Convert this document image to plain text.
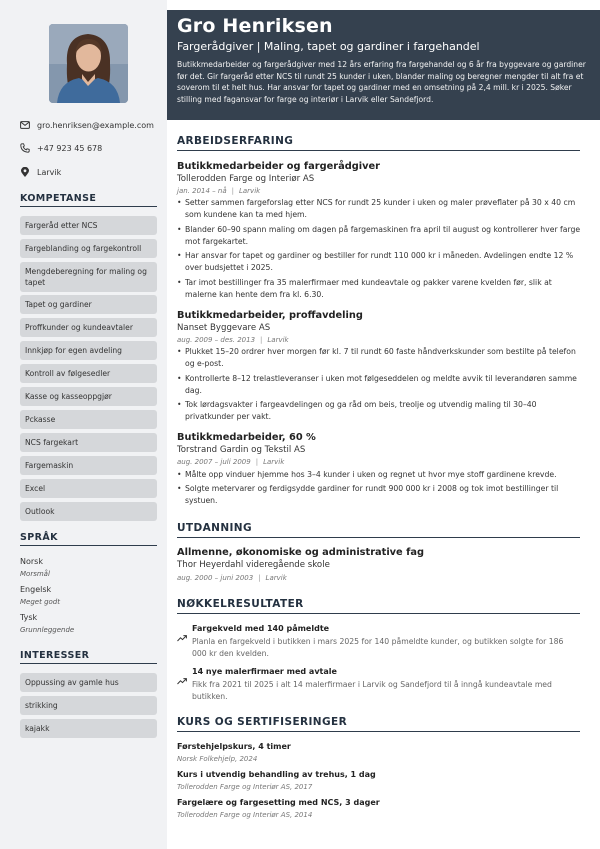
gro.henriksen@example.com
+47 923 45 678
Larvik
KOMPETANSE
Fargeråd etter NCS
Fargeblanding og fargekontroll
Mengdeberegning for maling og tapet
Tapet og gardiner
Proffkunder og kundeavtaler
Innkjøp for egen avdeling
Kontroll av følgesedler
Kasse og kasseoppgjør
Pckasse
NCS fargekart
Fargemaskin
Excel
Outlook
SPRÅK
Norsk
Morsmål
Engelsk
Meget godt
Tysk
Grunnleggende
INTERESSER
Oppussing av gamle hus
strikking
kajakk
Gro Henriksen
Fargerådgiver | Maling, tapet og gardiner i fargehandel
Butikkmedarbeider og fargerådgiver med 12 års erfaring fra fargehandel og 6 år fra byggevare og gardiner før det. Gir fargeråd etter NCS til rundt 25 kunder i uken, blander maling og beregner mengder til alt fra et soverom til et helt hus. Har ansvar for tapet og gardiner med en omsetning på 2,4 mill. kr i 2025. Søker stilling med fagansvar for farge og interiør i Larvik eller Sandefjord.
ARBEIDSERFARING
Butikkmedarbeider og fargerådgiver
Tollerodden Farge og Interiør AS
jan. 2014 – nå | Larvik
• Setter sammen fargeforslag etter NCS for rundt 25 kunder i uken og maler prøveflater på 30 x 40 cm som kundene kan ta med hjem.
• Blander 60–90 spann maling om dagen på fargemaskinen fra april til august og kontrollerer hver farge mot fargekartet.
• Har ansvar for tapet og gardiner og bestiller for rundt 110 000 kr i måneden. Avdelingen endte 12 % over budsjettet i 2025.
• Tar imot bestillinger fra 35 malerfirmaer med kundeavtale og pakker varene kvelden før, slik at malerne kan hente dem fra kl. 6.30.
Butikkmedarbeider, proffavdeling
Nanset Byggevare AS
aug. 2009 – des. 2013 | Larvik
• Plukket 15–20 ordrer hver morgen før kl. 7 til rundt 60 faste håndverkskunder som bestilte på telefon og e-post.
• Kontrollerte 8–12 trelastleveranser i uken mot følgeseddelen og meldte avvik til leverandøren samme dag.
• Tok lørdagsvakter i fargeavdelingen og ga råd om beis, treolje og utvendig maling til 30–40 privatkunder per vakt.
Butikkmedarbeider, 60 %
Torstrand Gardin og Tekstil AS
aug. 2007 – juli 2009 | Larvik
• Målte opp vinduer hjemme hos 3–4 kunder i uken og regnet ut hvor mye stoff gardinene krevde.
• Solgte metervarer og ferdigsydde gardiner for rundt 900 000 kr i 2008 og tok imot bestillinger til systuen.
UTDANNING
Allmenne, økonomiske og administrative fag
Thor Heyerdahl videregående skole
aug. 2000 – juni 2003 | Larvik
NØKKELRESULTATER
Fargekveld med 140 påmeldte
Planla en fargekveld i butikken i mars 2025 for 140 påmeldte kunder, og butikken solgte for 186 000 kr den kvelden.
14 nye malerfirmaer med avtale
Fikk fra 2021 til 2025 i alt 14 malerfirmaer i Larvik og Sandefjord til å inngå kundeavtale med butikken.
KURS OG SERTIFISERINGER
Førstehjelpskurs, 4 timer
Norsk Folkehjelp, 2024
Kurs i utvendig behandling av trehus, 1 dag
Tollerodden Farge og Interiør AS, 2017
Fargelære og fargesetting med NCS, 3 dager
Tollerodden Farge og Interiør AS, 2014
